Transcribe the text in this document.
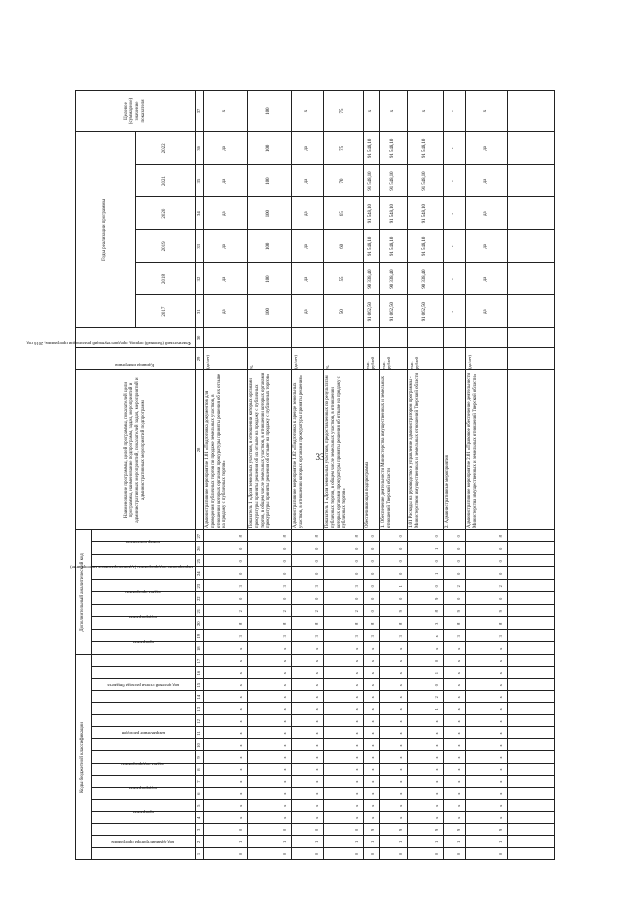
33
Коды бюджетной классификации
Дополнительный аналитический код
Наименование программы, целей программы, показателей цели программы, наименование подпрограмм, задач, мероприятий и административных мероприятий, показателей задач, мероприятий и административных мероприятий подпрограмм
Единица измерения
Фактический (базовый) период, предшествующий реализации программы, 2016 год
Годы реализации программы
Целевое (суммарное) значение показателя
2017
2018
2019
2020
2021
2022
код администратора программы
программа
подпрограмма
задача подпрограммы
направление расходов
код целевой статьи расхода бюджета
программа
подпрограмма
задача программы
мероприятие подпрограммы (административное мероприятие)
номер показателя
1
2
3
4
5
6
7
8
9
10
11
12
13
14
15
16
17
18
19
20
21
22
23
24
25
26
27
28
29
30
31
32
33
34
35
36
37
Административное мероприятие 1.01 «Подготовка документов для проведения публичных торгов по продаже земельных участков, в отношении которых органами прокуратуры приняты решения об их отзыве на продажу с публичных торгов»
(да/нет)
да
да
да
да
да
да
х
0
1
0
х
х
х
х
х
х
х
х
х
х
х
х
х
х
х
3
8
2
0
3
0
0
0
8
Показатель 1 «Доля земельных участков, в отношении которых органами прокуратуры приняты решения об их отзыве на продажу с публичных торгов, в общем числе земельных участков, в отношении которых органами прокуратуры приняты решения об отзыве на продажу с публичных торгов»
%
100
100
100
100
100
100
100
0
1
0
х
х
х
х
х
х
х
х
х
х
х
х
х
х
х
3
8
2
0
3
0
0
0
8
Административное мероприятие 1.02 «Подготовка к аренде земельных участков, в отношении которых органами прокуратуры приняты решения»
(да/нет)
да
да
да
да
да
да
х
0
1
0
х
х
х
х
х
х
х
х
х
х
х
х
х
х
х
3
8
2
0
3
0
0
0
8
Показатель 1 «Доля земельных участков, предоставленных по результатам публичных торгов, в общем числе земельных участков, в отношении которых органами прокуратуры приняты решения об отзыве на продажу с публичных торгов»
%
50
55
60
65
70
75
75
0
1
0
х
х
х
х
х
х
х
х
х
х
х
х
х
х
х
3
8
2
0
3
0
0
0
8
Обеспечивающая подпрограмма
тыс. рублей
91 062,50
90 338,40
91 548,10
91 548,10
91 548,10
91 548,10
х
0
1
9
х
х
х
х
х
х
х
х
х
х
х
х
х
х
х
3
8
0
0
0
0
0
0
0
1. Обеспечение деятельности Министерства имущественных и земельных отношений Тверской области
тыс. рублей
91 062,50
90 338,40
91 548,10
91 548,10
91 548,10
91 548,10
х
0
1
9
х
х
х
х
х
х
х
х
х
х
х
х
х
х
х
3
8
9
0
1
0
0
0
0
1.01 Расходы на руководство и управление администратором программы - Министерством имущественных и земельных отношений Тверской области
тыс. рублей
91 062,50
90 338,40
91 548,10
91 548,10
91 548,10
91 548,10
х
0
1
9
х
х
х
х
х
х
х
х
х
1
2
0
1
0
х
х
3
8
9
0
1
0
1
0
2. Административные мероприятия
-
-
-
-
-
-
-
0
1
9
х
х
х
х
х
х
х
х
х
х
х
х
х
х
х
3
8
9
0
2
0
0
0
0
Административное мероприятие 2.01 «Правовое обеспечение деятельности Министерства имущественных и земельных отношений Тверской области»
(да/нет)
да
да
да
да
да
да
х
0
1
9
х
х
х
х
х
х
х
х
х
х
х
х
х
х
х
3
8
9
0
2
0
0
0
8
